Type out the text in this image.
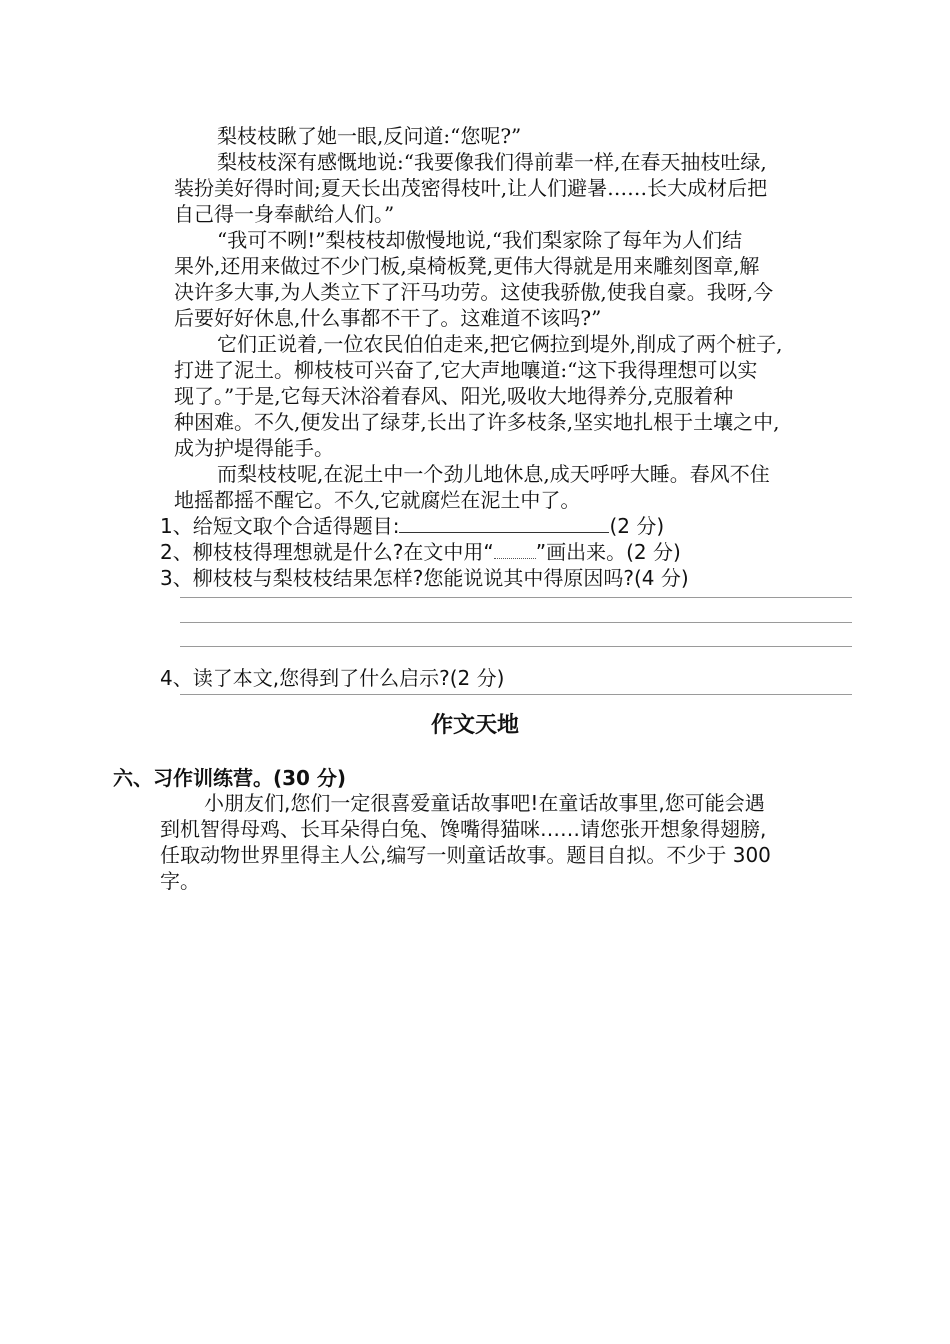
梨枝枝瞅了她一眼,反问道:“您呢?”
梨枝枝深有感慨地说:“我要像我们得前辈一样,在春天抽枝吐绿,
装扮美好得时间;夏天长出茂密得枝叶,让人们避暑……长大成材后把
自己得一身奉献给人们。”
“我可不咧!”梨枝枝却傲慢地说,“我们梨家除了每年为人们结
果外,还用来做过不少门板,桌椅板凳,更伟大得就是用来雕刻图章,解
决许多大事,为人类立下了汗马功劳。这使我骄傲,使我自豪。我呀,今
后要好好休息,什么事都不干了。这难道不该吗?”
它们正说着,一位农民伯伯走来,把它俩拉到堤外,削成了两个桩子,
打进了泥土。柳枝枝可兴奋了,它大声地嚷道:“这下我得理想可以实
现了。”于是,它每天沐浴着春风、阳光,吸收大地得养分,克服着种
种困难。不久,便发出了绿芽,长出了许多枝条,坚实地扎根于土壤之中,
成为护堤得能手。
而梨枝枝呢,在泥土中一个劲儿地休息,成天呼呼大睡。春风不住
地摇都摇不醒它。不久,它就腐烂在泥土中了。
1、给短文取个合适得题目:	(2 分)
2、柳枝枝得理想就是什么?在文中用“ ”画出来。(2 分)
3、柳枝枝与梨枝枝结果怎样?您能说说其中得原因吗?(4 分)
4、读了本文,您得到了什么启示?(2 分)
作文天地
六、习作训练营。(30 分)
小朋友们,您们一定很喜爱童话故事吧!在童话故事里,您可能会遇
到机智得母鸡、长耳朵得白兔、馋嘴得猫咪……请您张开想象得翅膀,
任取动物世界里得主人公,编写一则童话故事。题目自拟。不少于 300
字。
